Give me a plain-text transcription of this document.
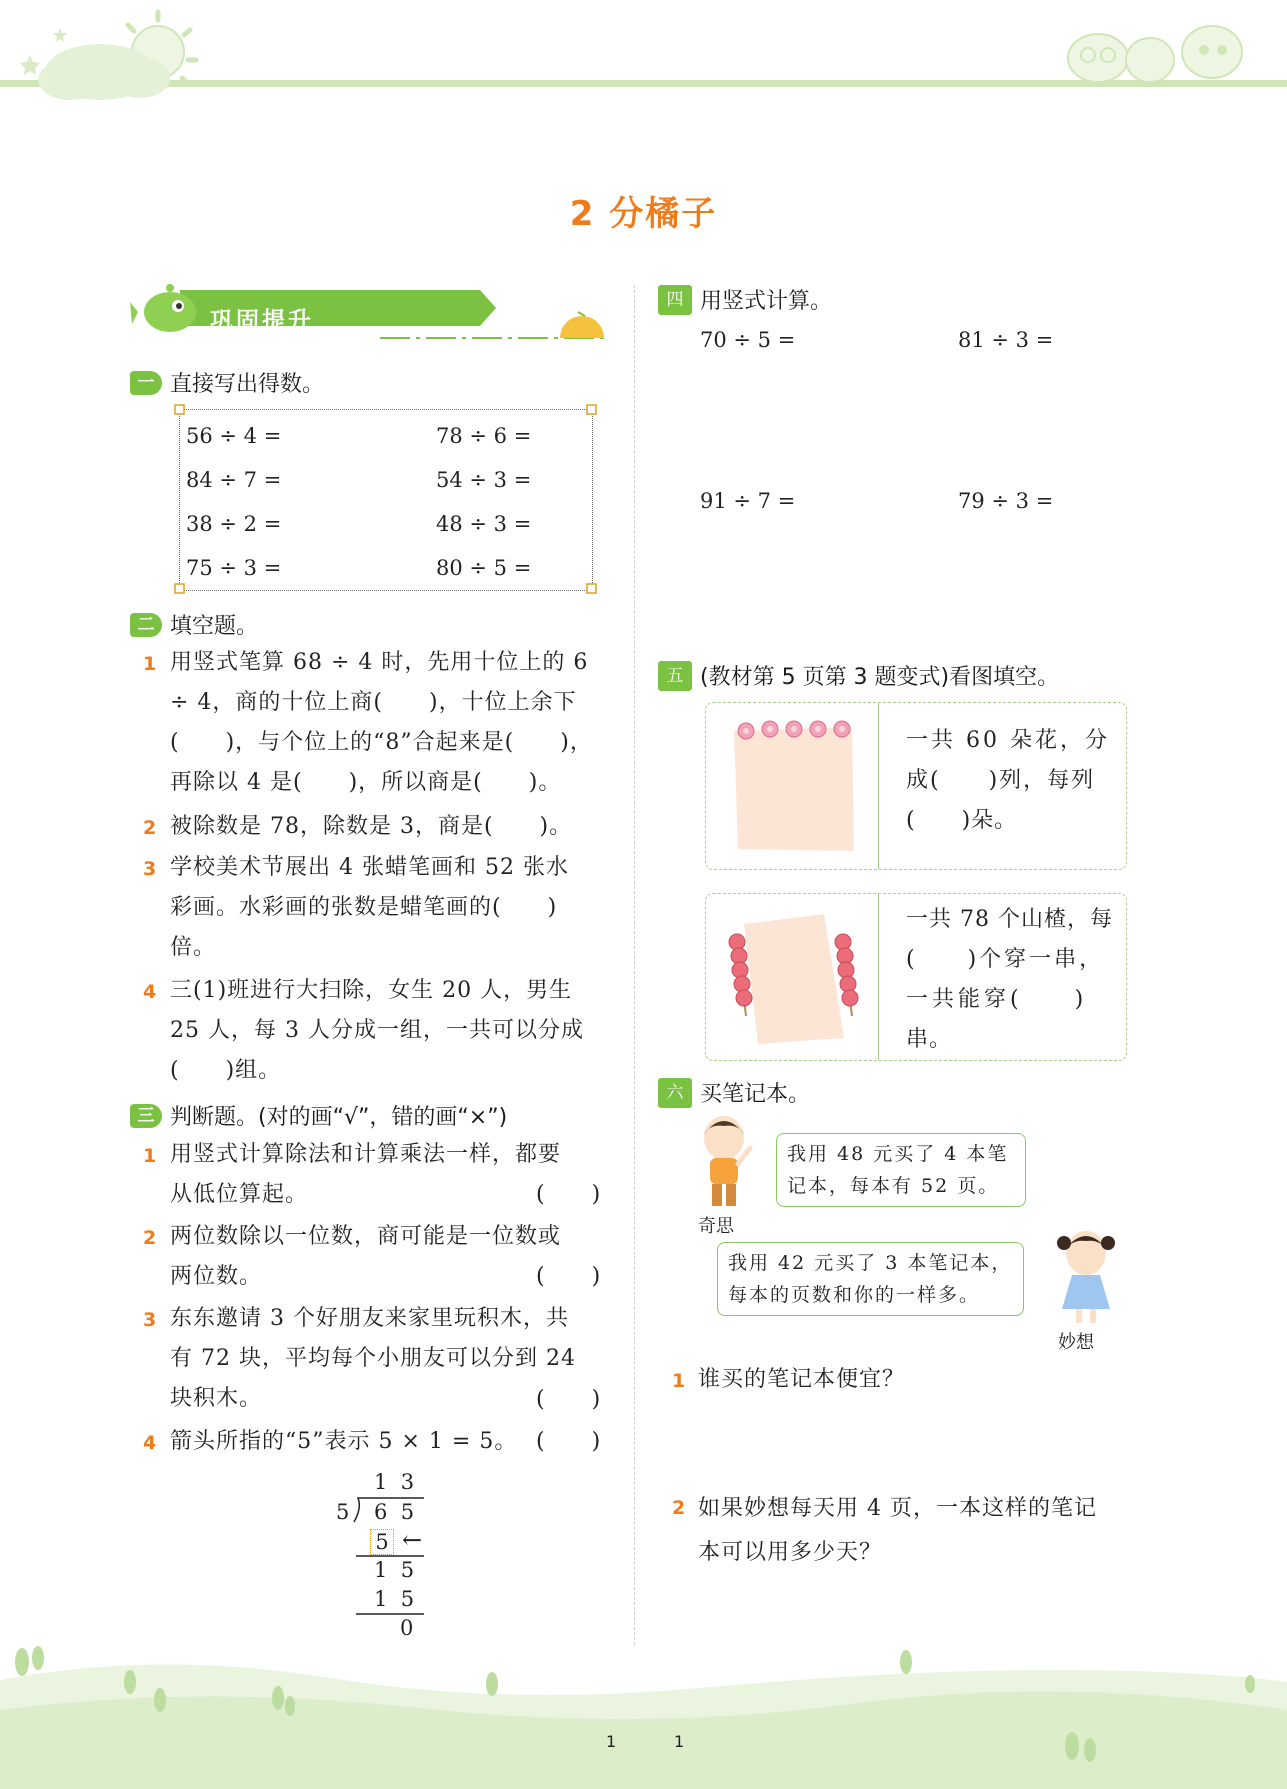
2 分橘子
巩固提升
一 直接写出得数。
56 ÷ 4 =	78 ÷ 6 =
84 ÷ 7 =	54 ÷ 3 =
38 ÷ 2 =	48 ÷ 3 =
75 ÷ 3 =	80 ÷ 5 =
二 填空题。
1 用竖式笔算 68 ÷ 4 时，先用十位上的 6
÷ 4，商的十位上商(　　)，十位上余下
(　　)，与个位上的“8”合起来是(　　)，
再除以 4 是(　　)，所以商是(　　)。
2 被除数是 78，除数是 3，商是(　　)。
3 学校美术节展出 4 张蜡笔画和 52 张水
彩画。水彩画的张数是蜡笔画的(　　)
倍。
4 三(1)班进行大扫除，女生 20 人，男生
25 人，每 3 人分成一组，一共可以分成
(　　)组。
三 判断题。(对的画“√”，错的画“×”)
1 用竖式计算除法和计算乘法一样，都要
从低位算起。	(　　)
2 两位数除以一位数，商可能是一位数或
两位数。	(　　)
3 东东邀请 3 个好朋友来家里玩积木，共
有 72 块，平均每个小朋友可以分到 24
块积木。	(　　)
4 箭头所指的“5”表示 5 × 1 = 5。 (　　)
1  3
5 6  5
5 ←
1  5
1  5
0
四 用竖式计算。
70 ÷ 5 =	81 ÷ 3 =
91 ÷ 7 =	79 ÷ 3 =
五 (教材第 5 页第 3 题变式)看图填空。
一共 60 朵花，分
成(　　)列，每列
(　　)朵。
一共 78 个山楂，每
(　　)个穿一串，
一共能穿(　　)
串。
六 买笔记本。
奇思
我用 48 元买了 4 本笔
记本，每本有 52 页。
我用 42 元买了 3 本笔记本，
每本的页数和你的一样多。
妙想
1 谁买的笔记本便宜？
2 如果妙想每天用 4 页，一本这样的笔记
本可以用多少天？
1	1
